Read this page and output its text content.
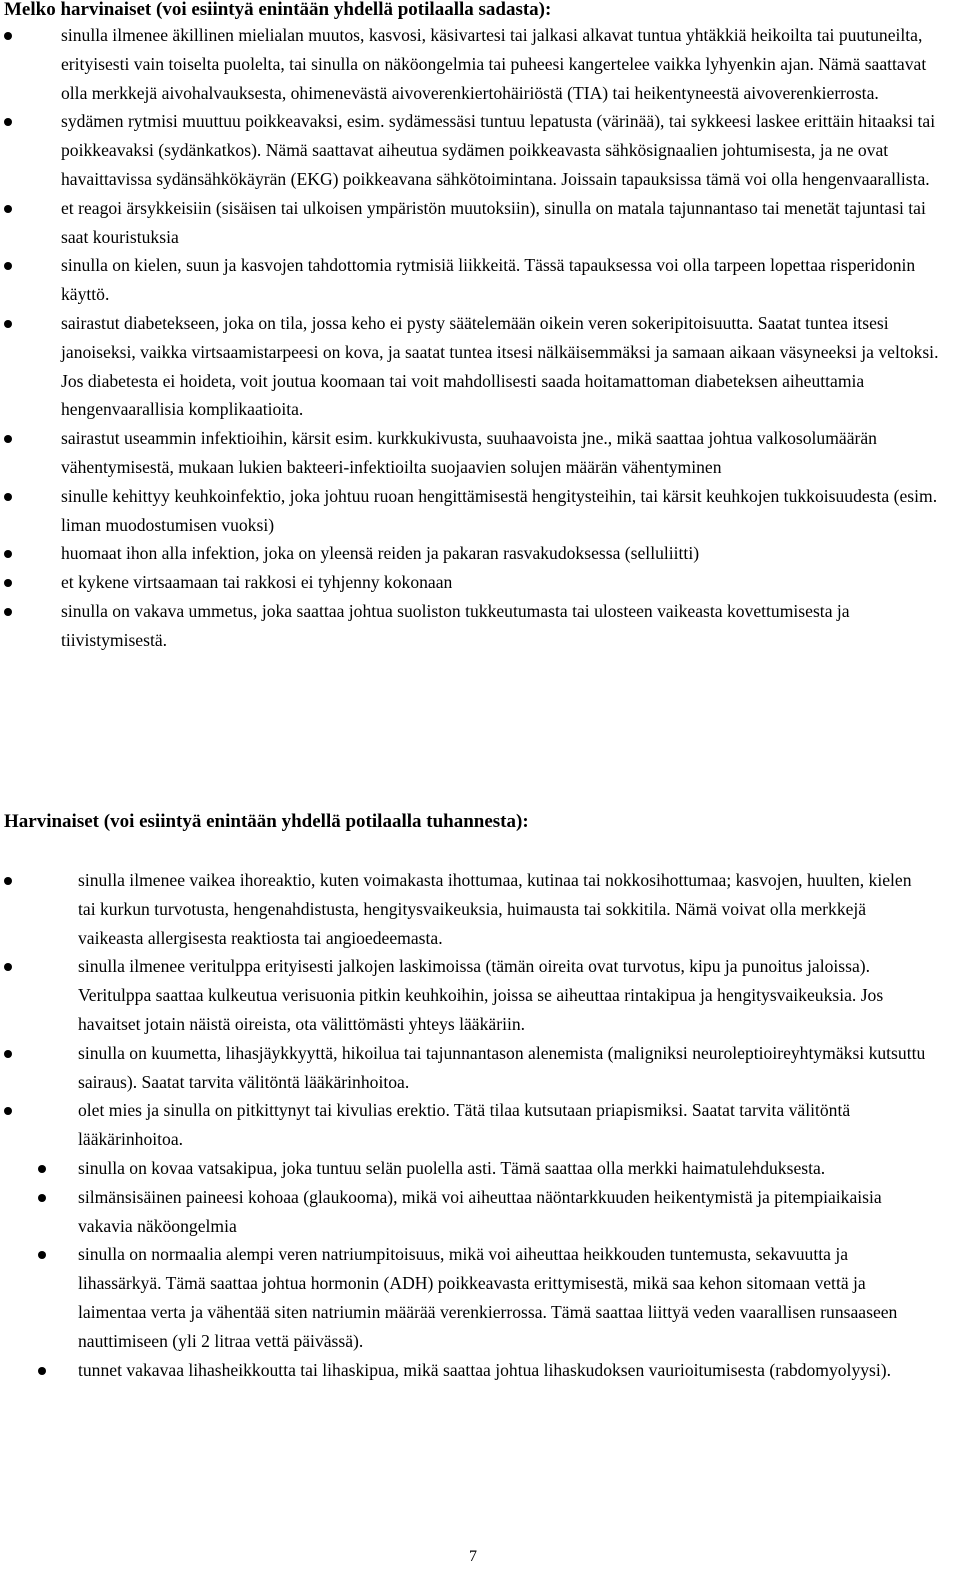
Melko harvinaiset (voi esiintyä enintään yhdellä potilaalla sadasta):
sinulla ilmenee äkillinen mielialan muutos, kasvosi, käsivartesi tai jalkasi alkavat tuntua yhtäkkiä heikoilta tai puutuneilta, erityisesti vain toiselta puolelta, tai sinulla on näköongelmia tai puheesi kangertelee vaikka lyhyenkin ajan. Nämä saattavat olla merkkejä aivohalvauksesta, ohimenevästä aivoverenkiertohäiriöstä (TIA) tai heikentyneestä aivoverenkierrosta.
sydämen rytmisi muuttuu poikkeavaksi, esim. sydämessäsi tuntuu lepatusta (värinää), tai sykkeesi laskee erittäin hitaaksi tai poikkeavaksi (sydänkatkos). Nämä saattavat aiheutua sydämen poikkeavasta sähkösignaalien johtumisesta, ja ne ovat havaittavissa sydänsähkökäyrän (EKG) poikkeavana sähkötoimintana. Joissain tapauksissa tämä voi olla hengenvaarallista.
et reagoi ärsykkeisiin (sisäisen tai ulkoisen ympäristön muutoksiin), sinulla on matala tajunnantaso tai menetät tajuntasi tai saat kouristuksia
sinulla on kielen, suun ja kasvojen tahdottomia rytmisiä liikkeitä. Tässä tapauksessa voi olla tarpeen lopettaa risperidonin käyttö.
sairastut diabetekseen, joka on tila, jossa keho ei pysty säätelemään oikein veren sokeripitoisuutta. Saatat tuntea itsesi janoiseksi, vaikka virtsaamistarpeesi on kova, ja saatat tuntea itsesi nälkäisemmäksi ja samaan aikaan väsyneeksi ja veltoksi. Jos diabetesta ei hoideta, voit joutua koomaan tai voit mahdollisesti saada hoitamattoman diabeteksen aiheuttamia hengenvaarallisia komplikaatioita.
sairastut useammin infektioihin, kärsit esim. kurkkukivusta, suuhaavoista jne., mikä saattaa johtua valkosolumäärän vähentymisestä, mukaan lukien bakteeri-infektioilta suojaavien solujen määrän vähentyminen
sinulle kehittyy keuhkoinfektio, joka johtuu ruoan hengittämisestä hengitysteihin, tai kärsit keuhkojen tukkoisuudesta (esim. liman muodostumisen vuoksi)
huomaat ihon alla infektion, joka on yleensä reiden ja pakaran rasvakudoksessa (selluliitti)
et kykene virtsaamaan tai rakkosi ei tyhjenny kokonaan
sinulla on vakava ummetus, joka saattaa johtua suoliston tukkeutumasta tai ulosteen vaikeasta kovettumisesta ja tiivistymisestä.
Harvinaiset (voi esiintyä enintään yhdellä potilaalla tuhannesta):
sinulla ilmenee vaikea ihoreaktio, kuten voimakasta ihottumaa, kutinaa tai nokkosihottumaa; kasvojen, huulten, kielen tai kurkun turvotusta, hengenahdistusta, hengitysvaikeuksia, huimausta tai sokkitila. Nämä voivat olla merkkejä vaikeasta allergisesta reaktiosta tai angioedeemasta.
sinulla ilmenee veritulppa erityisesti jalkojen laskimoissa (tämän oireita ovat turvotus, kipu ja punoitus jaloissa). Veritulppa saattaa kulkeutua verisuonia pitkin keuhkoihin, joissa se aiheuttaa rintakipua ja hengitysvaikeuksia. Jos havaitset jotain näistä oireista, ota välittömästi yhteys lääkäriin.
sinulla on kuumetta, lihasjäykkyyttä, hikoilua tai tajunnantason alenemista (maligniksi neuroleptioireyhtymäksi kutsuttu sairaus). Saatat tarvita välitöntä lääkärinhoitoa.
olet mies ja sinulla on pitkittynyt tai kivulias erektio. Tätä tilaa kutsutaan priapismiksi. Saatat tarvita välitöntä lääkärinhoitoa.
sinulla on kovaa vatsakipua, joka tuntuu selän puolella asti. Tämä saattaa olla merkki haimatulehduksesta.
silmänsisäinen paineesi kohoaa (glaukooma), mikä voi aiheuttaa näöntarkkuuden heikentymistä ja pitempiaikaisia vakavia näköongelmia
sinulla on normaalia alempi veren natriumpitoisuus, mikä voi aiheuttaa heikkouden tuntemusta, sekavuutta ja lihassärkyä. Tämä saattaa johtua hormonin (ADH) poikkeavasta erittymisestä, mikä saa kehon sitomaan vettä ja laimentaa verta ja vähentää siten natriumin määrää verenkierrossa. Tämä saattaa liittyä veden vaarallisen runsaaseen nauttimiseen (yli 2 litraa vettä päivässä).
tunnet vakavaa lihasheikkoutta tai lihaskipua, mikä saattaa johtua lihaskudoksen vaurioitumisesta (rabdomyolyysi).
7
